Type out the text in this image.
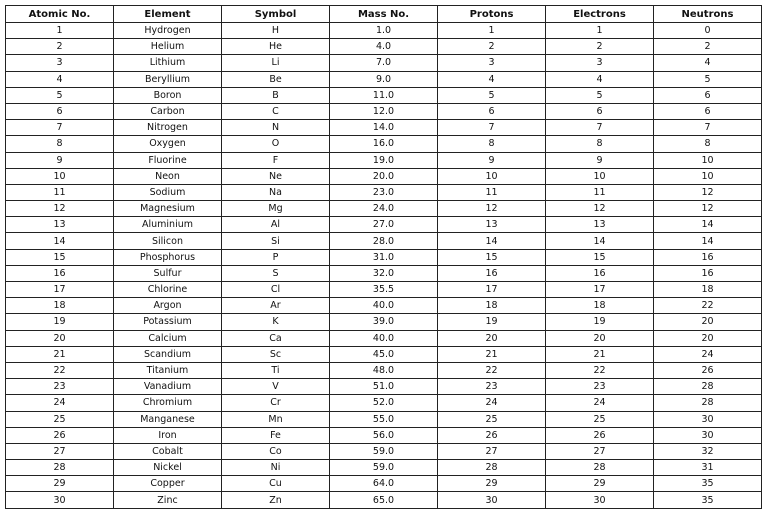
Atomic No.	Element	Symbol	Mass No.	Protons	Electrons	Neutrons
1	Hydrogen	H	1.0	1	1	0
2	Helium	He	4.0	2	2	2
3	Lithium	Li	7.0	3	3	4
4	Beryllium	Be	9.0	4	4	5
5	Boron	B	11.0	5	5	6
6	Carbon	C	12.0	6	6	6
7	Nitrogen	N	14.0	7	7	7
8	Oxygen	O	16.0	8	8	8
9	Fluorine	F	19.0	9	9	10
10	Neon	Ne	20.0	10	10	10
11	Sodium	Na	23.0	11	11	12
12	Magnesium	Mg	24.0	12	12	12
13	Aluminium	Al	27.0	13	13	14
14	Silicon	Si	28.0	14	14	14
15	Phosphorus	P	31.0	15	15	16
16	Sulfur	S	32.0	16	16	16
17	Chlorine	Cl	35.5	17	17	18
18	Argon	Ar	40.0	18	18	22
19	Potassium	K	39.0	19	19	20
20	Calcium	Ca	40.0	20	20	20
21	Scandium	Sc	45.0	21	21	24
22	Titanium	Ti	48.0	22	22	26
23	Vanadium	V	51.0	23	23	28
24	Chromium	Cr	52.0	24	24	28
25	Manganese	Mn	55.0	25	25	30
26	Iron	Fe	56.0	26	26	30
27	Cobalt	Co	59.0	27	27	32
28	Nickel	Ni	59.0	28	28	31
29	Copper	Cu	64.0	29	29	35
30	Zinc	Zn	65.0	30	30	35
